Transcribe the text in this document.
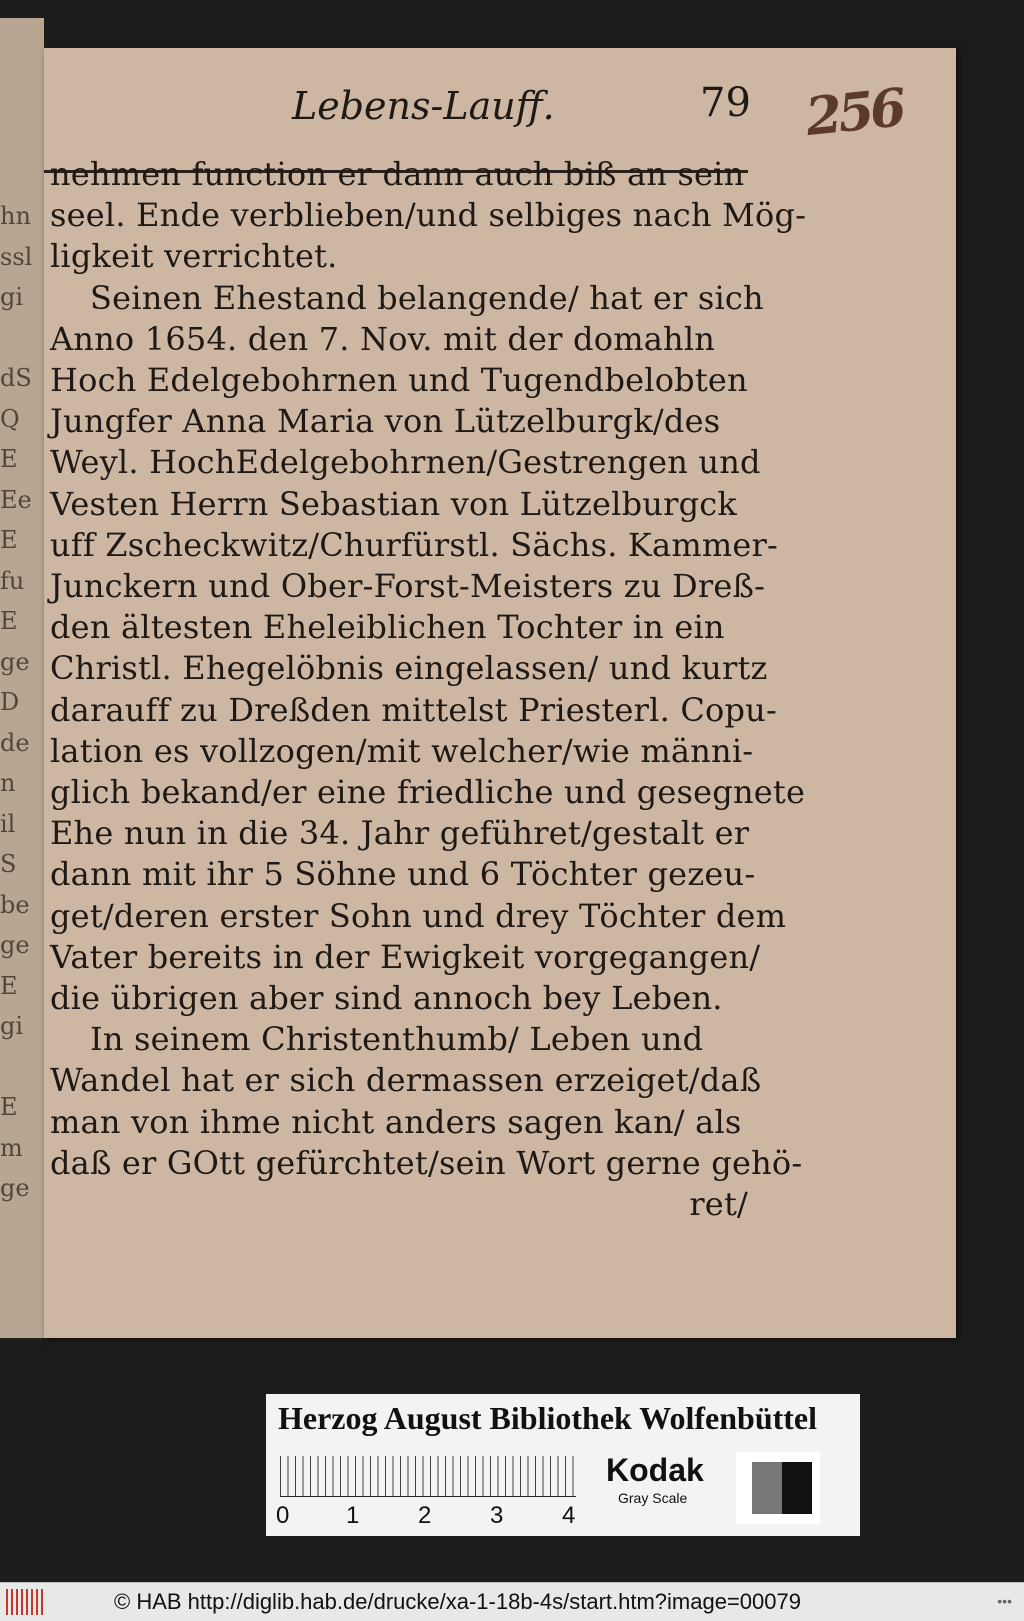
hn
ssl
gi
dS
Q
E
Ee
E
fu
E
ge
D
de
n
il
S
be
ge
E
gi
E
m
ge
Lebens-Lauff.	79 256
nehmen function er dann auch biß an sein
seel. Ende verblieben/und selbiges nach Mög-
ligkeit verrichtet.
Seinen Ehestand belangende/ hat er sich
Anno 1654. den 7. Nov. mit der domahln
Hoch Edelgebohrnen und Tugendbelobten
Jungfer Anna Maria von Lützelburgk/des
Weyl. HochEdelgebohrnen/Gestrengen und
Vesten Herrn Sebastian von Lützelburgck
uff Zscheckwitz/Churfürstl. Sächs. Kammer-
Junckern und Ober-Forst-Meisters zu Dreß-
den ältesten Eheleiblichen Tochter in ein
Christl. Ehegelöbnis eingelassen/ und kurtz
darauff zu Dreßden mittelst Priesterl. Copu-
lation es vollzogen/mit welcher/wie männi-
glich bekand/er eine friedliche und gesegnete
Ehe nun in die 34. Jahr geführet/gestalt er
dann mit ihr 5 Söhne und 6 Töchter gezeu-
get/deren erster Sohn und drey Töchter dem
Vater bereits in der Ewigkeit vorgegangen/
die übrigen aber sind annoch bey Leben.
In seinem Christenthumb/ Leben und
Wandel hat er sich dermassen erzeiget/daß
man von ihme nicht anders sagen kan/ als
daß er GOtt gefürchtet/sein Wort gerne gehö-
ret/
Herzog August Bibliothek Wolfenbüttel
0 1 2 3 4
Kodak
Gray Scale
© HAB http://diglib.hab.de/drucke/xa-1-18b-4s/start.htm?image=00079	•••
